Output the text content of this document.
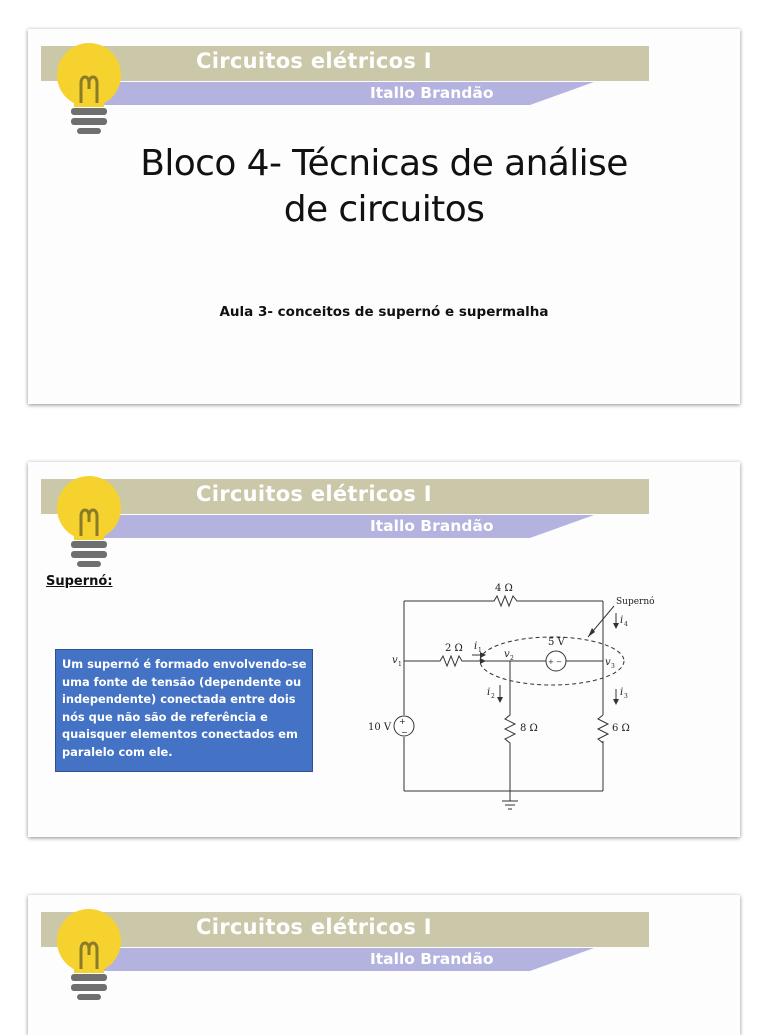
Circuitos elétricos I
Itallo Brandão
Bloco 4- Técnicas de análise
de circuitos
Aula 3- conceitos de supernó e supermalha
Circuitos elétricos I
Itallo Brandão
Supernó:
Um supernó é formado envolvendo-se uma fonte de tensão (dependente ou independente) conectada entre dois nós que não são de referência e quaisquer elementos conectados em paralelo com ele.
+
−
+ −
4 Ω
2 Ω
8 Ω	6 Ω
10 V
5 V
Supernó
v 1
v 2	v 3
i 1
i 2	i 3
i 4
Circuitos elétricos I
Itallo Brandão
